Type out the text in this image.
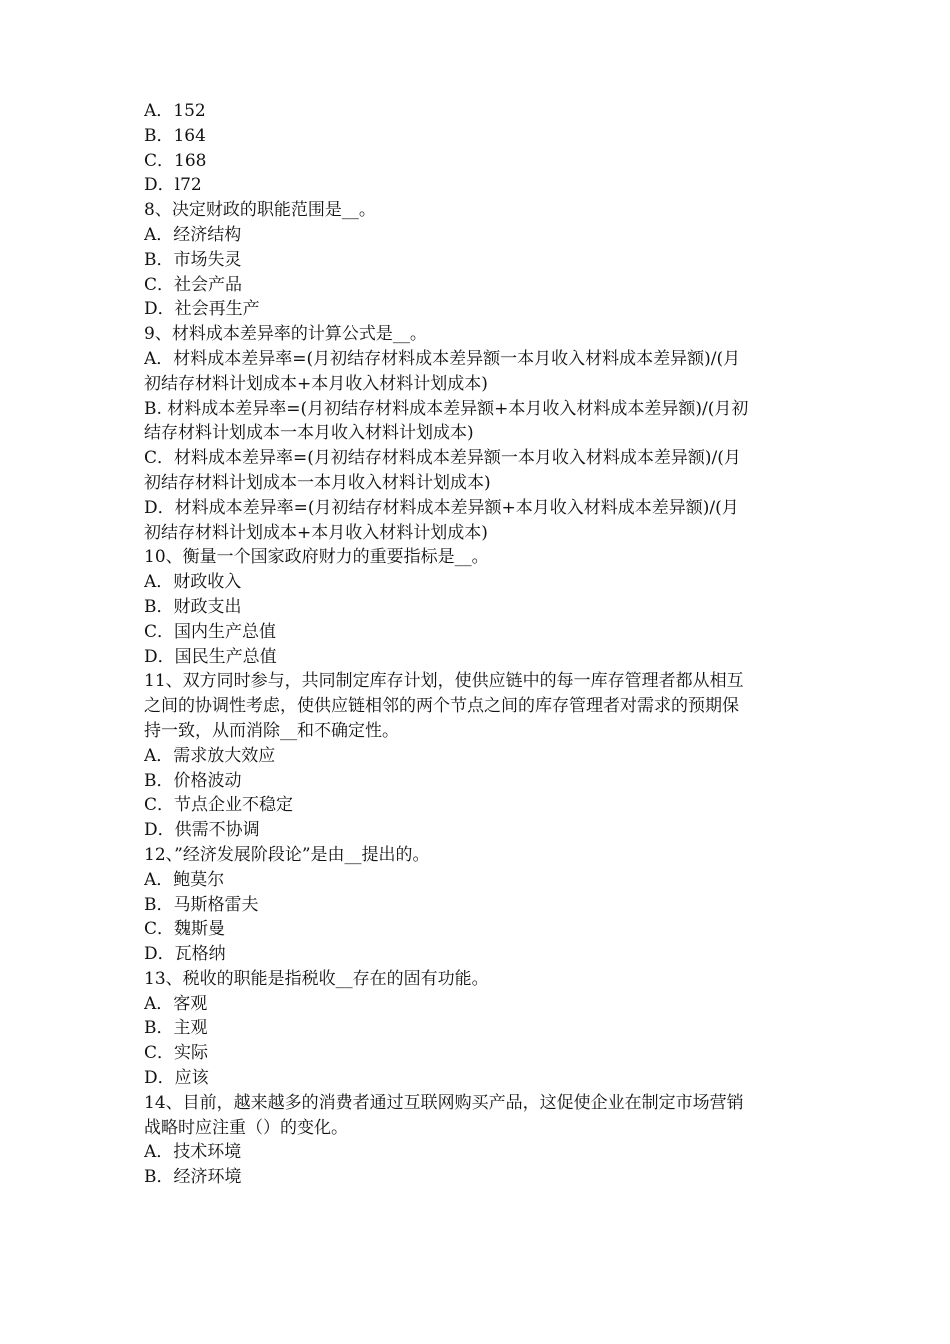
A．152
B．164
C．168
D．l72
8、决定财政的职能范围是__。
A．经济结构
B．市场失灵
C．社会产品
D．社会再生产
9、材料成本差异率的计算公式是__。
A．材料成本差异率=(月初结存材料成本差异额一本月收入材料成本差异额)/(月
初结存材料计划成本+本月收入材料计划成本)
B. 材料成本差异率=(月初结存材料成本差异额+本月收入材料成本差异额)/(月初
结存材料计划成本一本月收入材料计划成本)
C．材料成本差异率=(月初结存材料成本差异额一本月收入材料成本差异额)/(月
初结存材料计划成本一本月收入材料计划成本)
D．材料成本差异率=(月初结存材料成本差异额+本月收入材料成本差异额)/(月
初结存材料计划成本+本月收入材料计划成本)
10、衡量一个国家政府财力的重要指标是__。
A．财政收入
B．财政支出
C．国内生产总值
D．国民生产总值
11、双方同时参与，共同制定库存计划，使供应链中的每一库存管理者都从相互
之间的协调性考虑，使供应链相邻的两个节点之间的库存管理者对需求的预期保
持一致，从而消除__和不确定性。
A．需求放大效应
B．价格波动
C．节点企业不稳定
D．供需不协调
12、”经济发展阶段论”是由__提出的。
A．鲍莫尔
B．马斯格雷夫
C．魏斯曼
D．瓦格纳
13、税收的职能是指税收__存在的固有功能。
A．客观
B．主观
C．实际
D．应该
14、目前，越来越多的消费者通过互联网购买产品，这促使企业在制定市场营销
战略时应注重（）的变化。
A．技术环境
B．经济环境
